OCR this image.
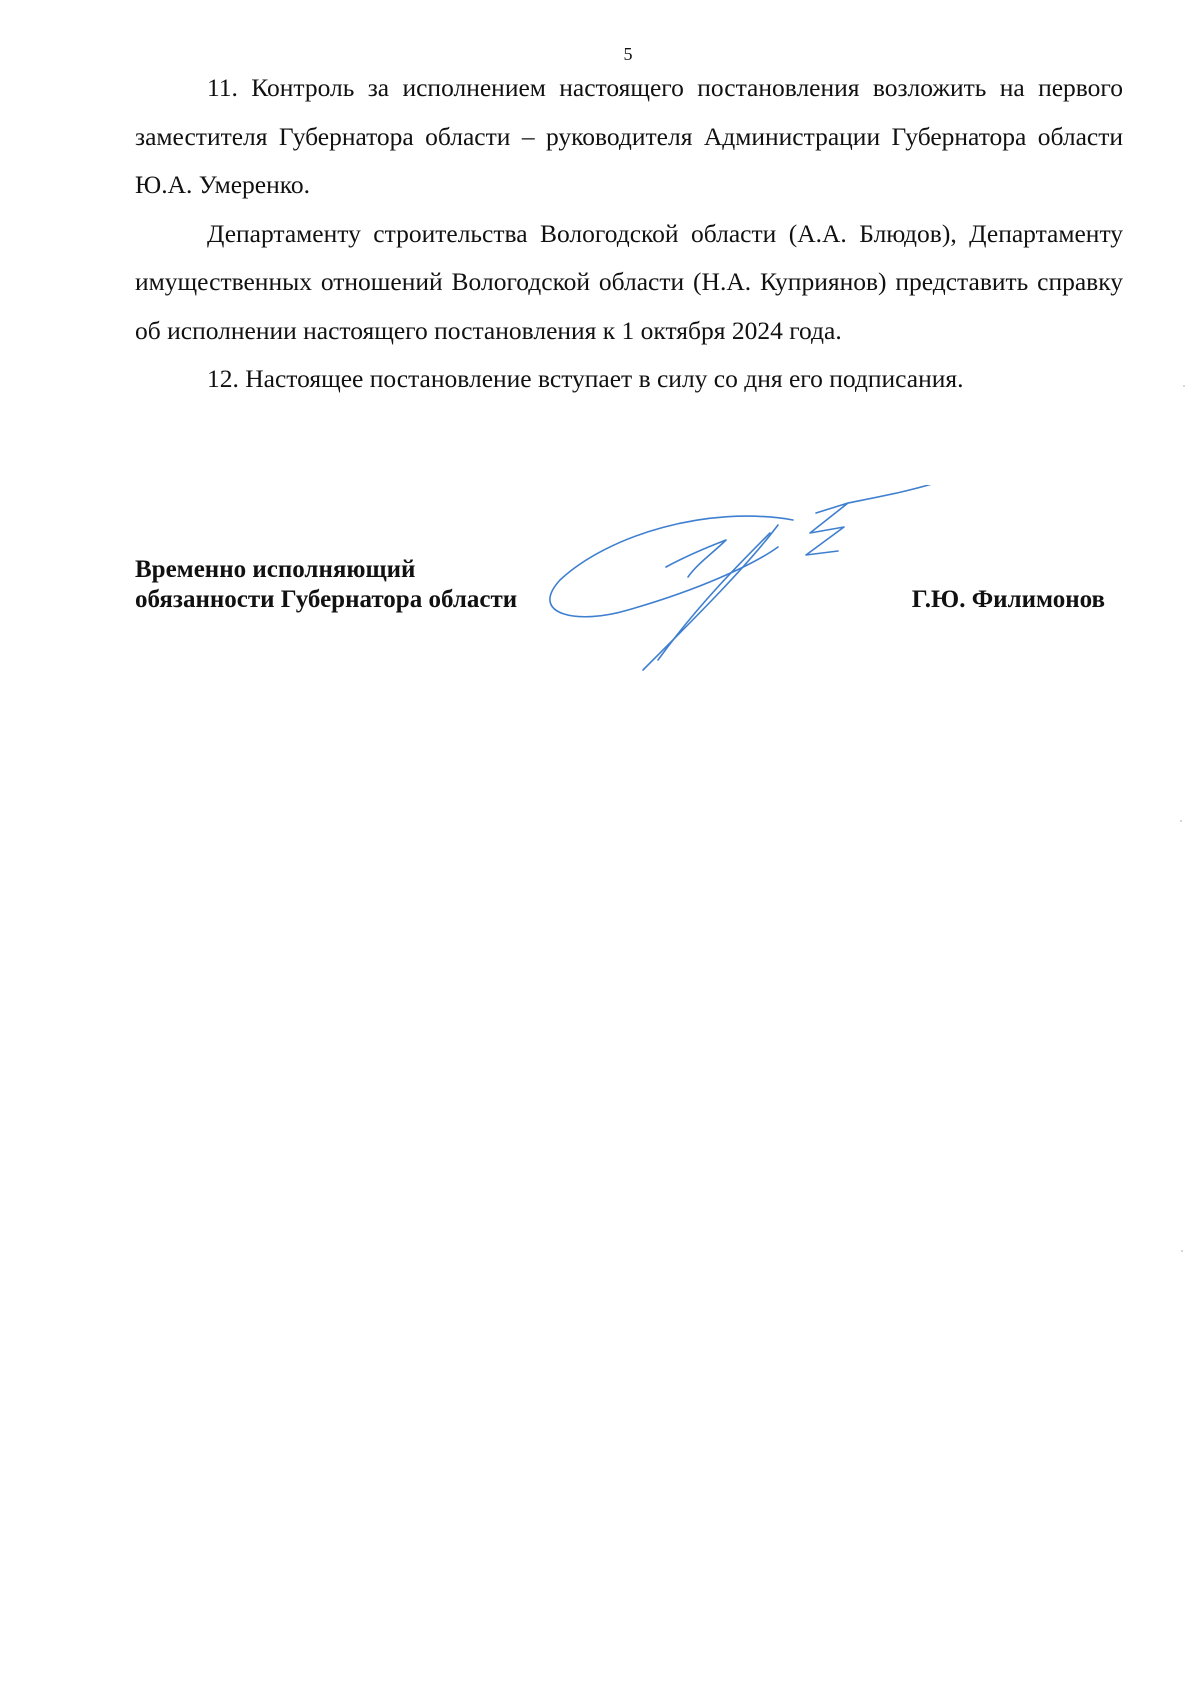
5

11. Контроль за исполнением настоящего постановления возложить на первого заместителя Губернатора области – руководителя Администрации Губернатора области Ю.А. Умеренко.

Департаменту строительства Вологодской области (А.А. Блюдов), Департаменту имущественных отношений Вологодской области (Н.А. Куприянов) представить справку об исполнении настоящего постановления к 1 октября 2024 года.

12. Настоящее постановление вступает в силу со дня его подписания.

Временно исполняющий
обязанности Губернатора области	Г.Ю. Филимонов
